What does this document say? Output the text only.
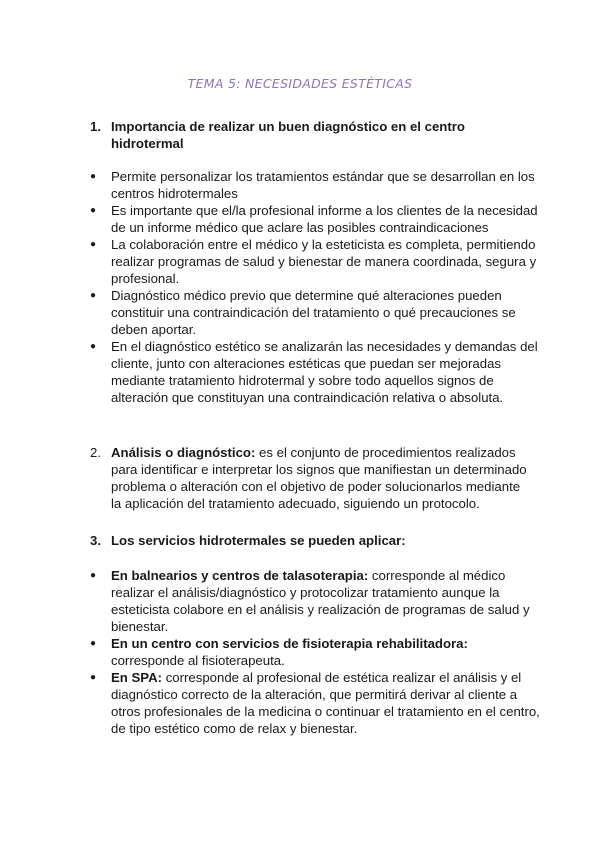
TEMA 5: NECESIDADES ESTÉTICAS
1. Importancia de realizar un buen diagnóstico en el centro hidrotermal
● Permite personalizar los tratamientos estándar que se desarrollan en los centros hidrotermales
● Es importante que el/la profesional informe a los clientes de la necesidad de un informe médico que aclare las posibles contraindicaciones
● La colaboración entre el médico y la esteticista es completa, permitiendo realizar programas de salud y bienestar de manera coordinada, segura y profesional.
● Diagnóstico médico previo que determine qué alteraciones pueden constituir una contraindicación del tratamiento o qué precauciones se deben aportar.
● En el diagnóstico estético se analizarán las necesidades y demandas del cliente, junto con alteraciones estéticas que puedan ser mejoradas mediante tratamiento hidrotermal y sobre todo aquellos signos de alteración que constituyan una contraindicación relativa o absoluta.
2. Análisis o diagnóstico: es el conjunto de procedimientos realizados para identificar e interpretar los signos que manifiestan un determinado problema o alteración con el objetivo de poder solucionarlos mediante la aplicación del tratamiento adecuado, siguiendo un protocolo.
3. Los servicios hidrotermales se pueden aplicar:
● En balnearios y centros de talasoterapia: corresponde al médico realizar el análisis/diagnóstico y protocolizar tratamiento aunque la esteticista colabore en el análisis y realización de programas de salud y bienestar.
● En un centro con servicios de fisioterapia rehabilitadora: corresponde al fisioterapeuta.
● En SPA: corresponde al profesional de estética realizar el análisis y el diagnóstico correcto de la alteración, que permitirá derivar al cliente a otros profesionales de la medicina o continuar el tratamiento en el centro, de tipo estético como de relax y bienestar.
